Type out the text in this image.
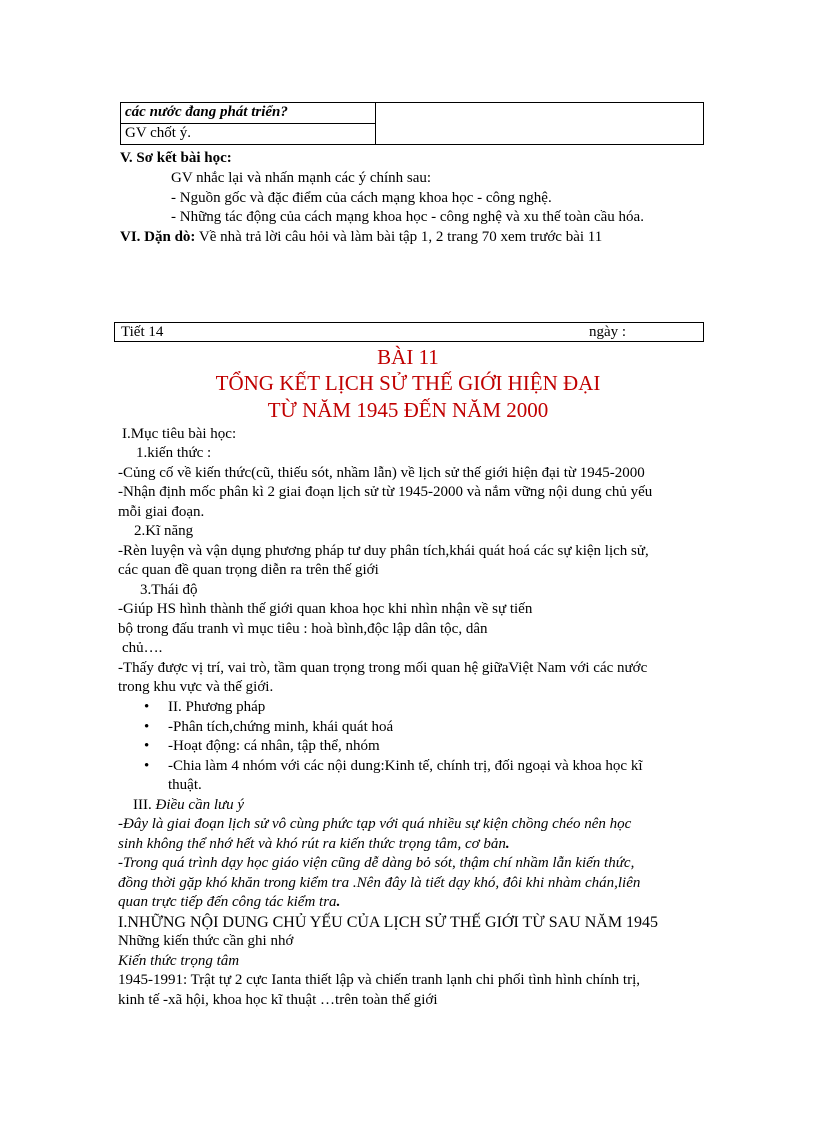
các nước đang phát triển?	
GV chốt ý.
V. Sơ kết bài học:
GV nhắc lại và nhấn mạnh các ý chính sau:
- Nguồn gốc và đặc điểm của cách mạng khoa học - công nghệ.
- Những tác động của cách mạng khoa học - công nghệ và xu thế toàn cầu hóa.
VI. Dặn dò: Về nhà trả lời câu hỏi và làm bài tập 1, 2 trang 70 xem trước bài 11
Tiết 14	ngày :
BÀI 11
TỔNG KẾT LỊCH SỬ THẾ GIỚI HIỆN ĐẠI
TỪ NĂM 1945 ĐẾN NĂM 2000
I.Mục tiêu bài học:
1.kiến thức :
-Củng cố về kiến thức(cũ, thiếu sót, nhầm lẫn) về lịch sử thế giới hiện đại từ 1945-2000
-Nhận định mốc phân kì 2 giai đoạn lịch sử từ 1945-2000 và nắm vững nội dung chủ yếu
mỗi giai đoạn.
2.Kĩ năng
-Rèn luyện và vận dụng phương pháp tư duy phân tích,khái quát hoá các sự kiện lịch sử,
các quan đề quan trọng diễn ra trên thế giới
3.Thái độ
-Giúp HS hình thành thế giới quan khoa học khi nhìn nhận về sự tiến
bộ trong đấu tranh vì mục tiêu : hoà bình,độc lập dân tộc, dân
chủ….
-Thấy được vị trí, vai trò, tầm quan trọng trong mối quan hệ giữaViệt Nam với các nước
trong khu vực và thế giới.
• II. Phương pháp
• -Phân tích,chứng minh, khái quát hoá
• -Hoạt động: cá nhân, tập thể, nhóm
• -Chia làm 4 nhóm với các nội dung:Kinh tế, chính trị, đối ngoại và khoa học kĩ
thuật.
III. Điều cần lưu ý
-Đây là giai đoạn lịch sử vô cùng phức tạp với quá nhiều sự kiện chồng chéo nên học
sinh không thể nhớ hết và khó rút ra kiến thức trọng tâm, cơ bản.
-Trong quá trình dạy học giáo viện cũng dễ dàng bỏ sót, thậm chí nhầm lẫn kiến thức,
đồng thời gặp khó khăn trong kiểm tra .Nên đây là tiết dạy khó, đôi khi nhàm chán,liên
quan trực tiếp đến công tác kiểm tra.
I.NHỮNG NỘI DUNG CHỦ YẾU CỦA LỊCH SỬ THẾ GIỚI TỪ SAU NĂM 1945
Những kiến thức cần ghi nhớ
Kiến thức trọng tâm
1945-1991: Trật tự 2 cực Ianta thiết lập và chiến tranh lạnh chi phối tình hình chính trị,
kinh tế -xã hội, khoa học kĩ thuật …trên toàn thế giới
